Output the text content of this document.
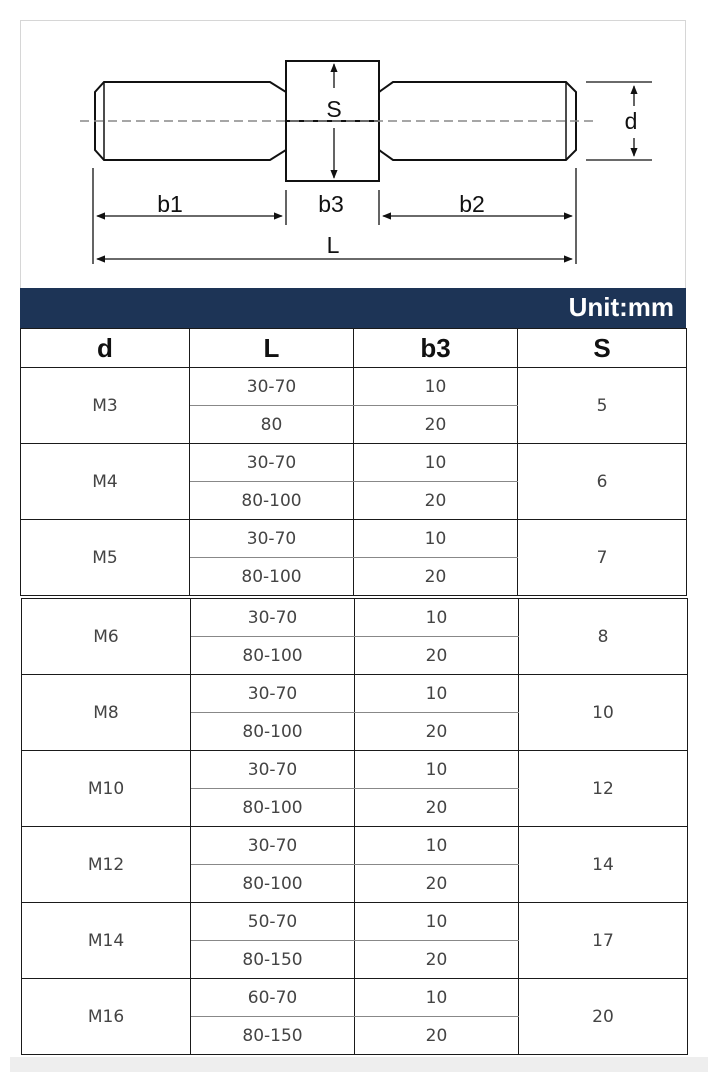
S	d
b1	b3	b2
L
Unit:mm
d	L	b3	S
M3	30-70	10	5
	80	20	
M4	30-70	10	6
	80-100	20	
M5	30-70	10	7
	80-100	20	
M6	30-70	10	8
	80-100	20	
M8	30-70	10	10
	80-100	20	
M10	30-70	10	12
	80-100	20	
M12	30-70	10	14
	80-100	20	
M14	50-70	10	17
	80-150	20	
M16	60-70	10	20
	80-150	20	
